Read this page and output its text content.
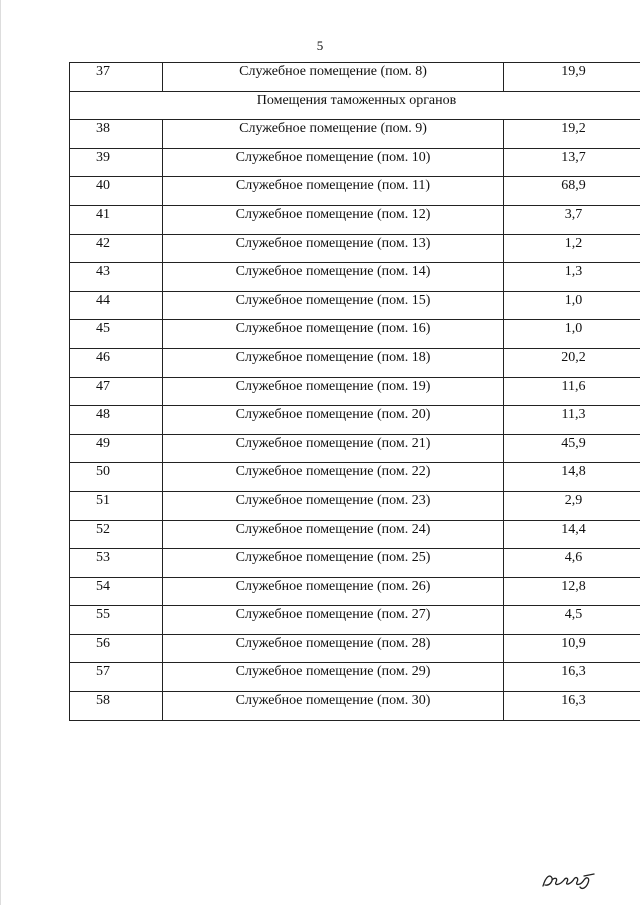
5
37	Служебное помещение (пом. 8)	19,9
Помещения таможенных органов		
38	Служебное помещение (пом. 9)	19,2
39	Служебное помещение (пом. 10)	13,7
40	Служебное помещение (пом. 11)	68,9
41	Служебное помещение (пом. 12)	3,7
42	Служебное помещение (пом. 13)	1,2
43	Служебное помещение (пом. 14)	1,3
44	Служебное помещение (пом. 15)	1,0
45	Служебное помещение (пом. 16)	1,0
46	Служебное помещение (пом. 18)	20,2
47	Служебное помещение (пом. 19)	11,6
48	Служебное помещение (пом. 20)	11,3
49	Служебное помещение (пом. 21)	45,9
50	Служебное помещение (пом. 22)	14,8
51	Служебное помещение (пом. 23)	2,9
52	Служебное помещение (пом. 24)	14,4
53	Служебное помещение (пом. 25)	4,6
54	Служебное помещение (пом. 26)	12,8
55	Служебное помещение (пом. 27)	4,5
56	Служебное помещение (пом. 28)	10,9
57	Служебное помещение (пом. 29)	16,3
58	Служебное помещение (пом. 30)	16,3
